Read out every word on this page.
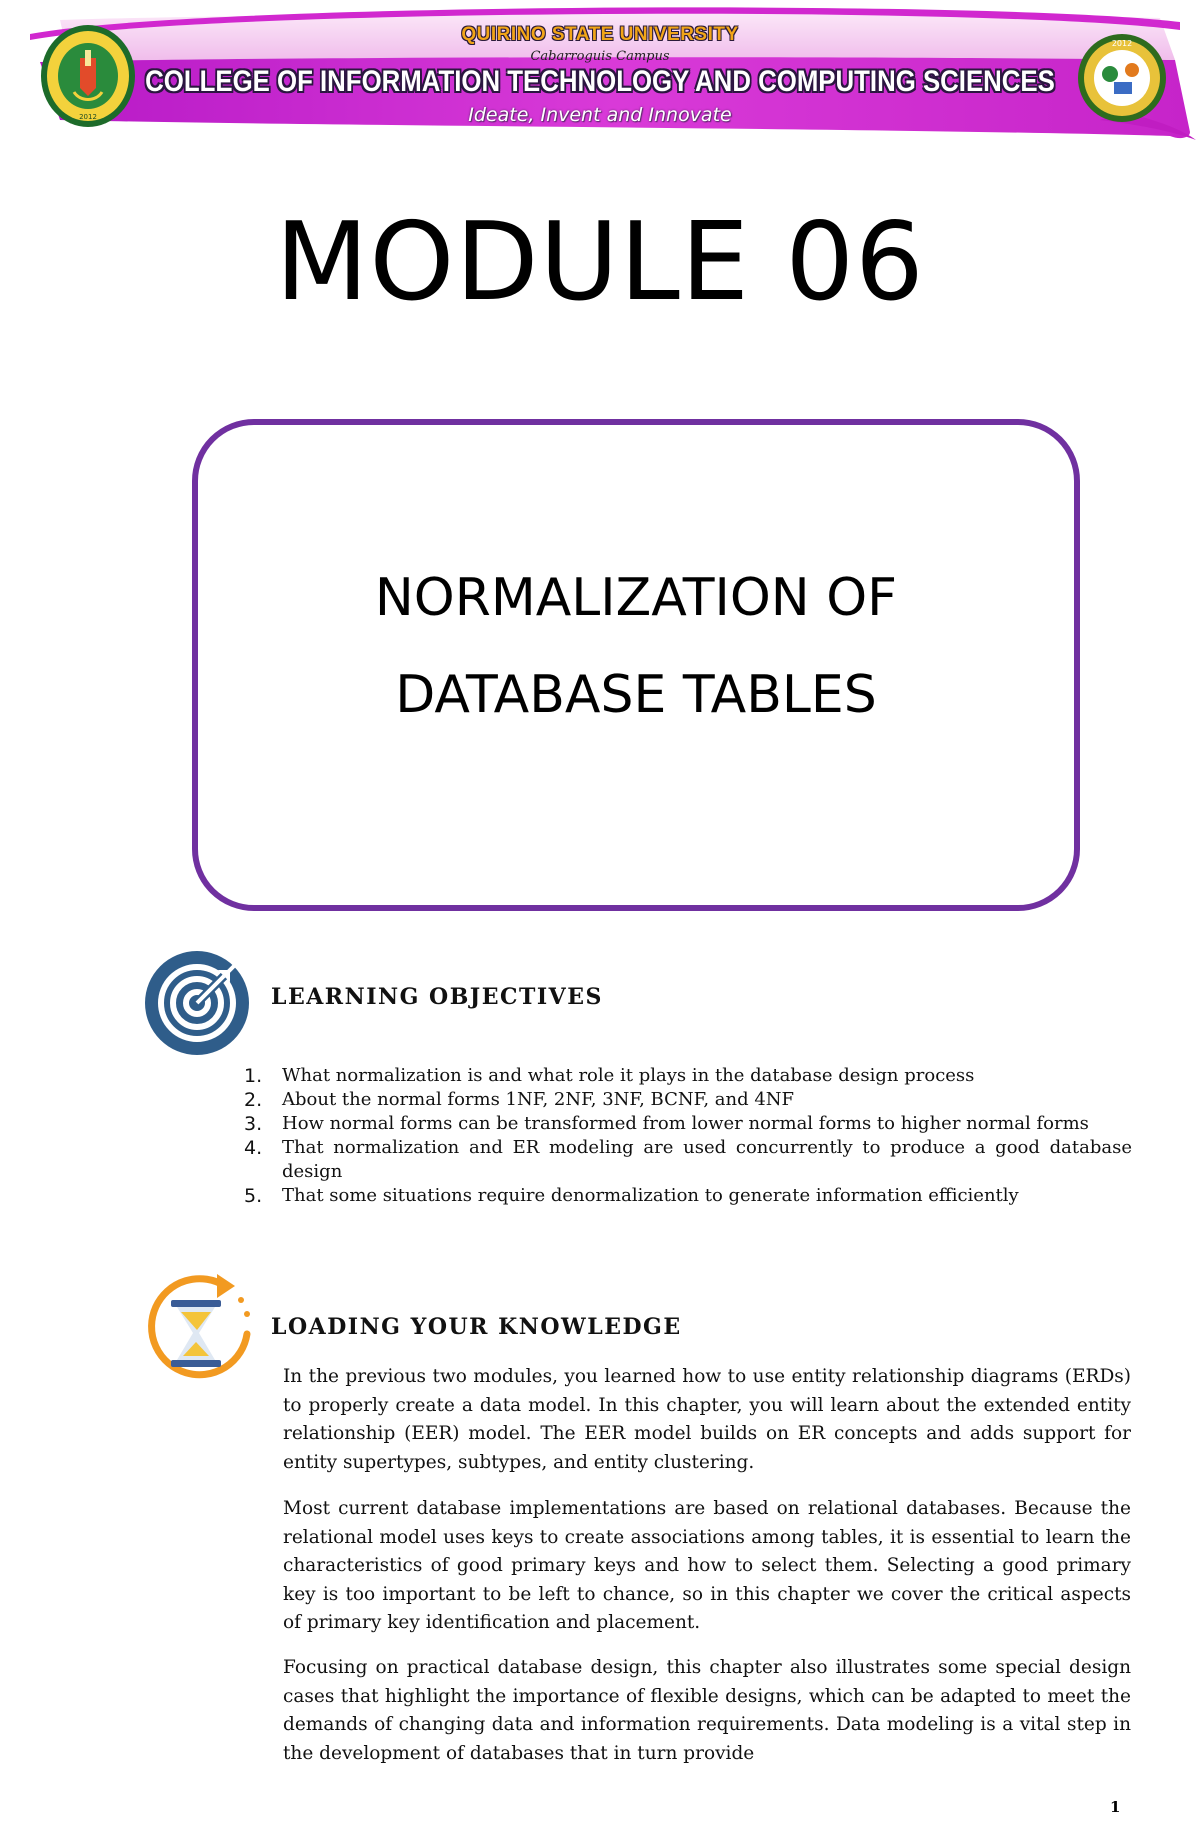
2012
2012
QUIRINO STATE UNIVERSITY
Cabarroguis Campus
COLLEGE OF INFORMATION TECHNOLOGY AND COMPUTING SCIENCES
Ideate, Invent and Innovate
MODULE 06
NORMALIZATION OF
DATABASE TABLES
LEARNING OBJECTIVES
1. What normalization is and what role it plays in the database design process
2. About the normal forms 1NF, 2NF, 3NF, BCNF, and 4NF
3. How normal forms can be transformed from lower normal forms to higher normal forms
4. That normalization and ER modeling are used concurrently to produce a good database design
5. That some situations require denormalization to generate information efficiently
LOADING YOUR KNOWLEDGE

In the previous two modules, you learned how to use entity relationship diagrams (ERDs) to properly create a data model. In this chapter, you will learn about the extended entity relationship (EER) model. The EER model builds on ER concepts and adds support for entity supertypes, subtypes, and entity clustering.

Most current database implementations are based on relational databases. Because the relational model uses keys to create associations among tables, it is essential to learn the characteristics of good primary keys and how to select them. Selecting a good primary key is too important to be left to chance, so in this chapter we cover the critical aspects of primary key identification and placement.

Focusing on practical database design, this chapter also illustrates some special design cases that highlight the importance of flexible designs, which can be adapted to meet the demands of changing data and information requirements. Data modeling is a vital step in the development of databases that in turn provide

1
